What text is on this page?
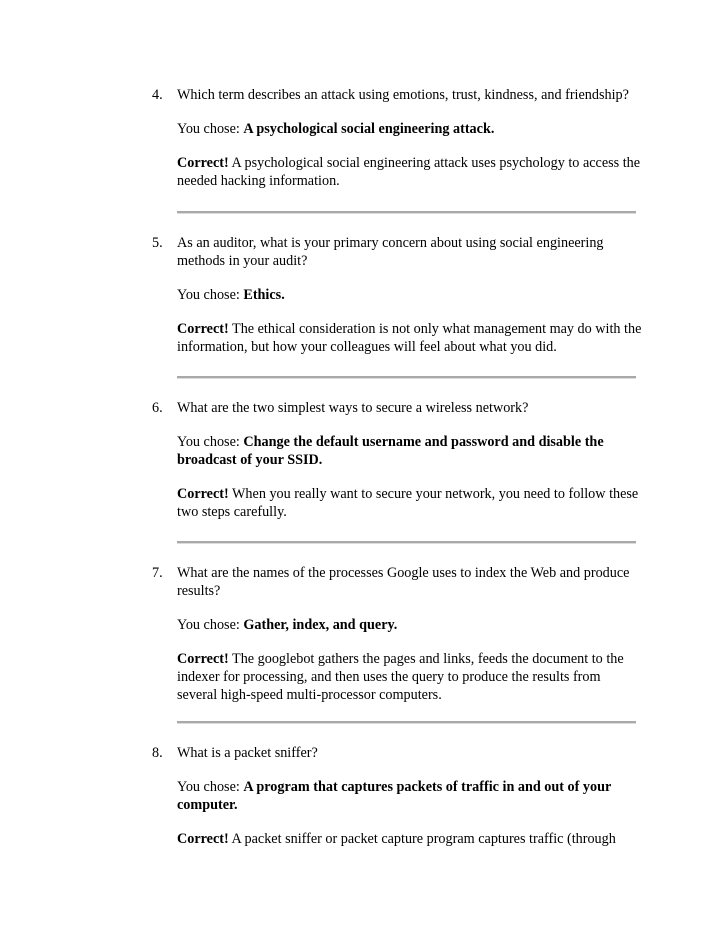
4.	Which term describes an attack using emotions, trust, kindness, and friendship?
You chose: A psychological social engineering attack.
Correct! A psychological social engineering attack uses psychology to access the needed hacking information.
5.	As an auditor, what is your primary concern about using social engineering methods in your audit?
You chose: Ethics.
Correct! The ethical consideration is not only what management may do with the information, but how your colleagues will feel about what you did.
6.	What are the two simplest ways to secure a wireless network?
You chose: Change the default username and password and disable the broadcast of your SSID.
Correct! When you really want to secure your network, you need to follow these two steps carefully.
7.	What are the names of the processes Google uses to index the Web and produce results?
You chose: Gather, index, and query.
Correct! The googlebot gathers the pages and links, feeds the document to the indexer for processing, and then uses the query to produce the results from several high-speed multi-processor computers.
8.	What is a packet sniffer?
You chose: A program that captures packets of traffic in and out of your computer.
Correct! A packet sniffer or packet capture program captures traffic (through
